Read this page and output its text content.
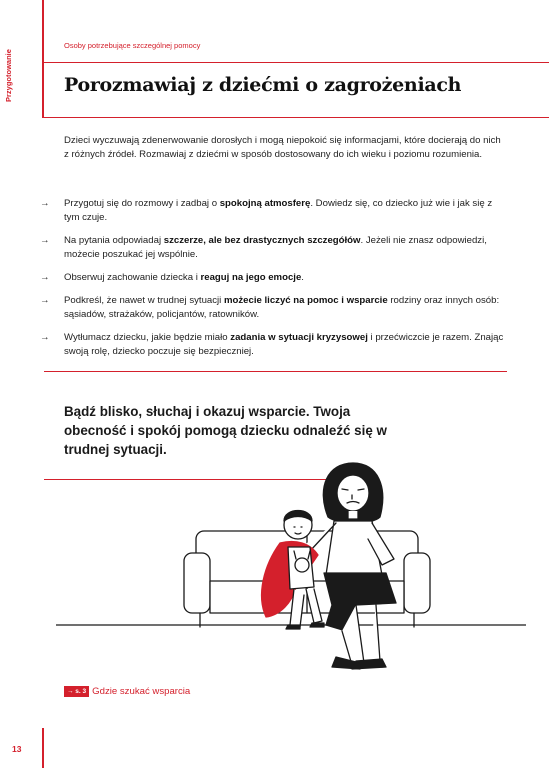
Przygotowanie
Osoby potrzebujące szczególnej pomocy
Porozmawiaj z dziećmi o zagrożeniach

Dzieci wyczuwają zdenerwowanie dorosłych i mogą niepokoić się informacjami, które docierają do nich z różnych źródeł. Rozmawiaj z dziećmi w sposób dostosowany do ich wieku i poziomu rozumienia.

→ Przygotuj się do rozmowy i zadbaj o spokojną atmosferę. Dowiedz się, co dziecko już wie i jak się z tym czuje.
→ Na pytania odpowiadaj szczerze, ale bez drastycznych szczegółów. Jeżeli nie znasz odpowiedzi, możecie poszukać jej wspólnie.
→ Obserwuj zachowanie dziecka i reaguj na jego emocje.
→ Podkreśl, że nawet w trudnej sytuacji możecie liczyć na pomoc i wsparcie rodziny oraz innych osób: sąsiadów, strażaków, policjantów, ratowników.
→ Wytłumacz dziecku, jakie będzie miało zadania w sytuacji kryzysowej i przećwiczcie je razem. Znając swoją rolę, dziecko poczuje się bezpieczniej.

Bądź blisko, słuchaj i okazuj wsparcie. Twoja obecność i spokój pomogą dziecku odnaleźć się w trudnej sytuacji.

→ s. 3 Gdzie szukać wsparcia
13
